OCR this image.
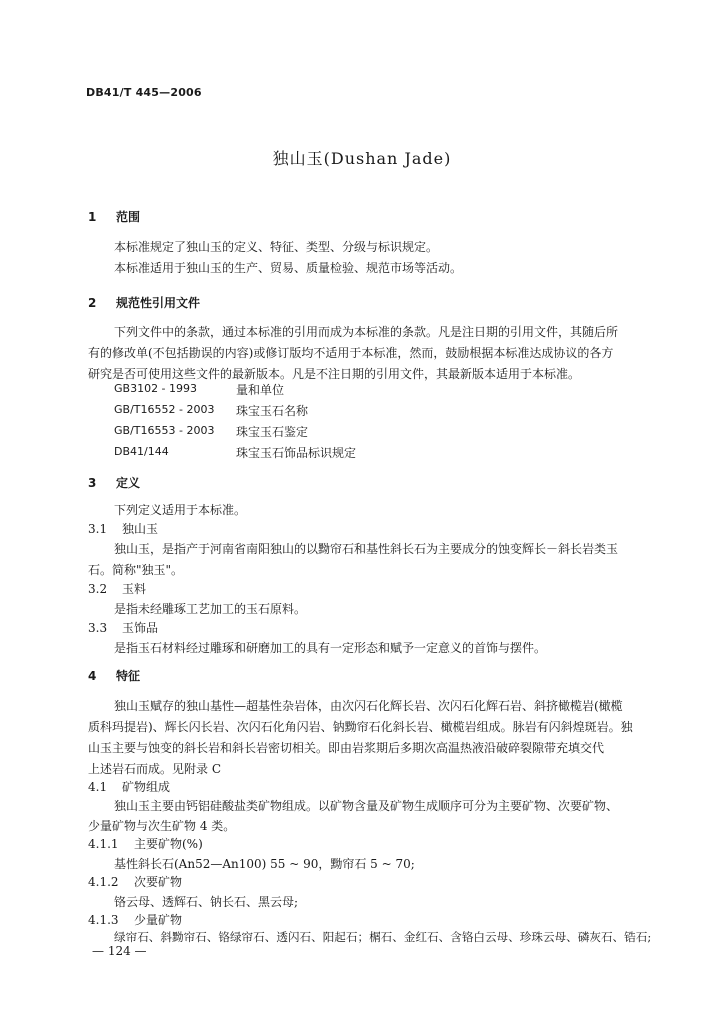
DB41/T 445—2006
独山玉(Dushan Jade)
1 范围
本标准规定了独山玉的定义、特征、类型、分级与标识规定。
本标准适用于独山玉的生产、贸易、质量检验、规范市场等活动。
2 规范性引用文件
下列文件中的条款，通过本标准的引用而成为本标准的条款。凡是注日期的引用文件，其随后所
有的修改单(不包括勘误的内容)或修订版均不适用于本标准，然而，鼓励根据本标准达成协议的各方
研究是否可使用这些文件的最新版本。凡是不注日期的引用文件，其最新版本适用于本标准。
GB3102 - 1993	量和单位
GB/T16552 - 2003 珠宝玉石名称
GB/T16553 - 2003 珠宝玉石鉴定
DB41/144	珠宝玉石饰品标识规定
3 定义
下列定义适用于本标准。
3.1 独山玉
独山玉，是指产于河南省南阳独山的以黝帘石和基性斜长石为主要成分的蚀变辉长－斜长岩类玉
石。简称"独玉"。
3.2 玉料
是指未经雕琢工艺加工的玉石原料。
3.3 玉饰品
是指玉石材料经过雕琢和研磨加工的具有一定形态和赋予一定意义的首饰与摆件。
4 特征
独山玉赋存的独山基性—超基性杂岩体，由次闪石化辉长岩、次闪石化辉石岩、斜挤橄榄岩(橄榄
质科玛提岩)、辉长闪长岩、次闪石化角闪岩、钠黝帘石化斜长岩、橄榄岩组成。脉岩有闪斜煌斑岩。独
山玉主要与蚀变的斜长岩和斜长岩密切相关。即由岩浆期后多期次高温热液沿破碎裂隙带充填交代
上述岩石而成。见附录 C
4.1 矿物组成
独山玉主要由钙铝硅酸盐类矿物组成。以矿物含量及矿物生成顺序可分为主要矿物、次要矿物、
少量矿物与次生矿物 4 类。
4.1.1 主要矿物(%)
基性斜长石(An52—An100) 55 ~ 90，黝帘石 5 ~ 70;
4.1.2 次要矿物
铬云母、透辉石、钠长石、黑云母;
4.1.3 少量矿物
绿帘石、斜黝帘石、铬绿帘石、透闪石、阳起石；榍石、金红石、含铬白云母、珍珠云母、磷灰石、锆石;
— 124 —
